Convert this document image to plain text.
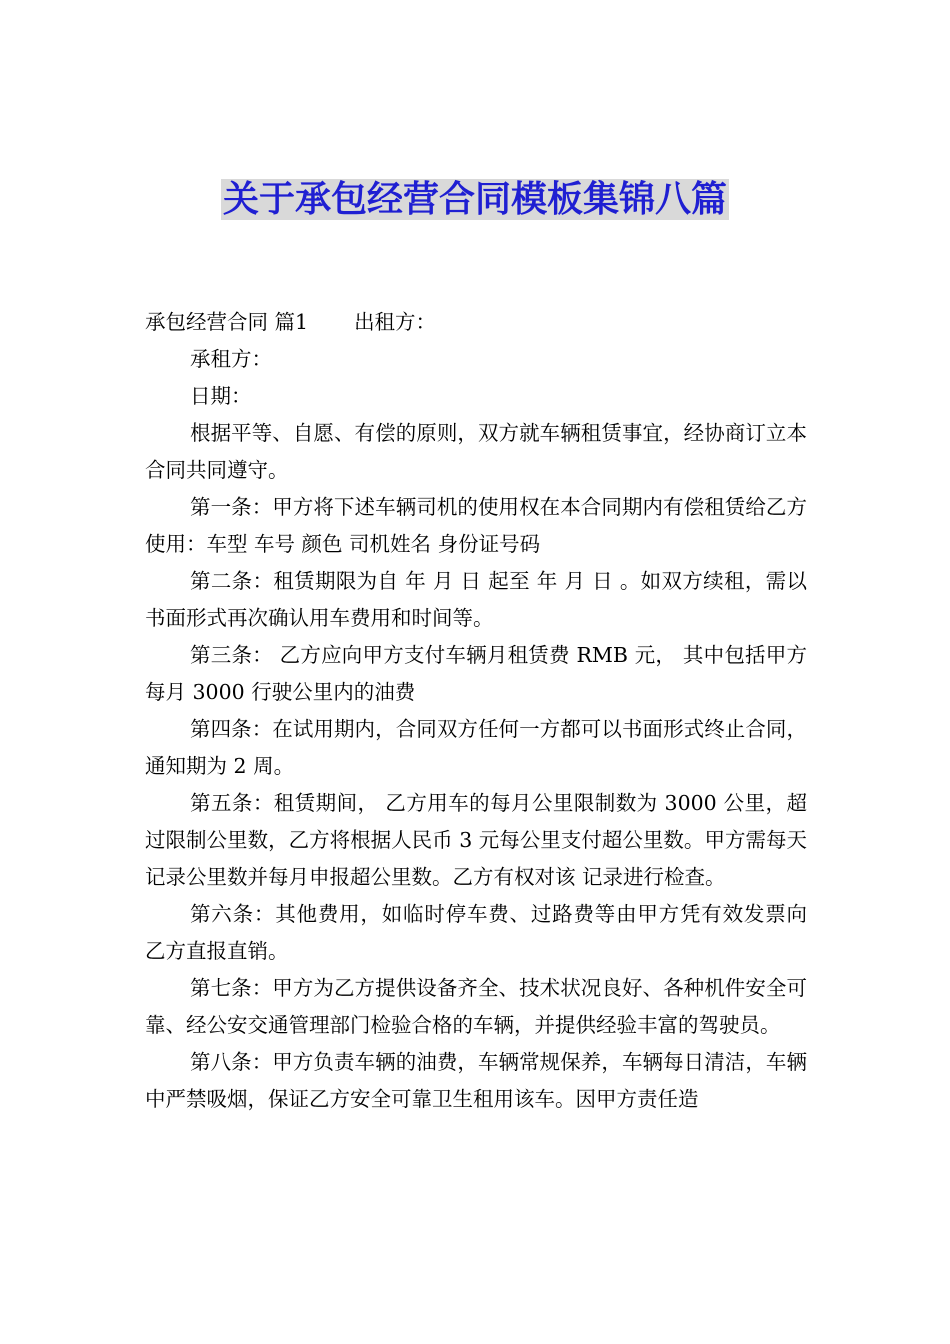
关于承包经营合同模板集锦八篇

承包经营合同 篇1 出租方：

承租方：

日期：

根据平等、自愿、有偿的原则，双方就车辆租赁事宜，经协商订立本合同共同遵守。

第一条：甲方将下述车辆司机的使用权在本合同期内有偿租赁给乙方使用：车型 车号 颜色 司机姓名 身份证号码

第二条：租赁期限为自 年 月 日 起至 年 月 日 。如双方续租，需以书面形式再次确认用车费用和时间等。

第三条： 乙方应向甲方支付车辆月租赁费 RMB 元， 其中包括甲方每月 3000 行驶公里内的油费

第四条：在试用期内，合同双方任何一方都可以书面形式终止合同，通知期为 2 周。

第五条：租赁期间， 乙方用车的每月公里限制数为 3000 公里，超过限制公里数，乙方将根据人民币 3 元每公里支付超公里数。甲方需每天记录公里数并每月申报超公里数。乙方有权对该 记录进行检查。

第六条：其他费用，如临时停车费、过路费等由甲方凭有效发票向 乙方直报直销。

第七条：甲方为乙方提供设备齐全、技术状况良好、各种机件安全可靠、经公安交通管理部门检验合格的车辆，并提供经验丰富的驾驶员。

第八条：甲方负责车辆的油费，车辆常规保养，车辆每日清洁，车辆中严禁吸烟，保证乙方安全可靠卫生租用该车。因甲方责任造
